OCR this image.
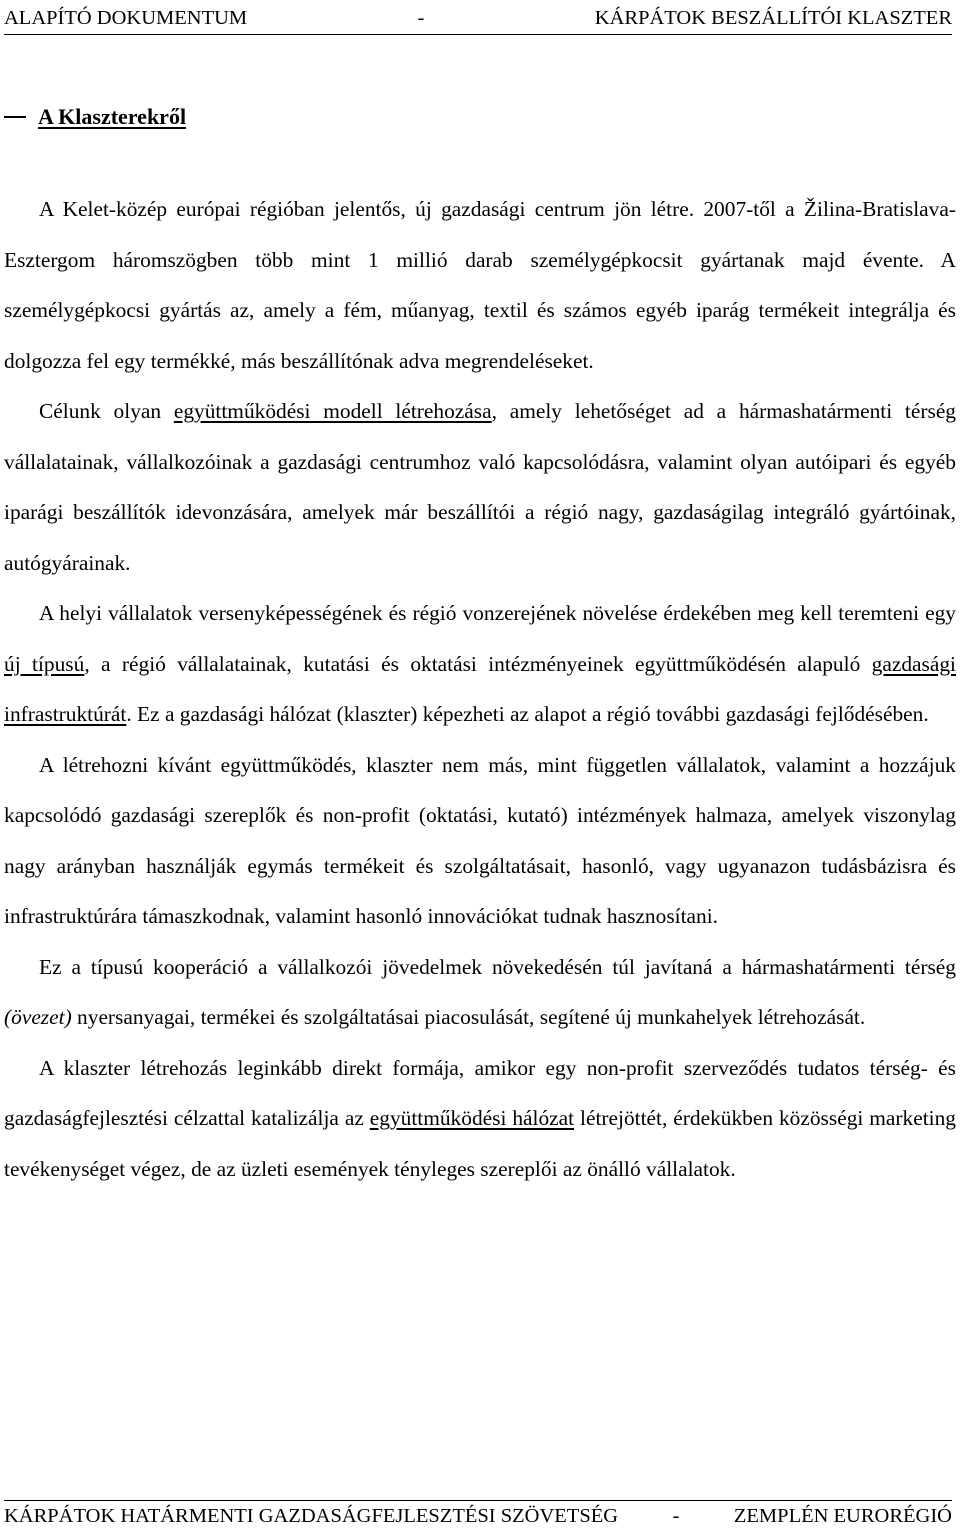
ALAPÍTÓ DOKUMENTUM	-	KÁRPÁTOK BESZÁLLÍTÓI KLASZTER
A Klaszterekről

A Kelet-közép európai régióban jelentős, új gazdasági centrum jön létre. 2007-től a Žilina-Bratislava-Esztergom háromszögben több mint 1 millió darab személygépkocsit gyártanak majd évente. A személygépkocsi gyártás az, amely a fém, műanyag, textil és számos egyéb iparág termékeit integrálja és dolgozza fel egy termékké, más beszállítónak adva megrendeléseket.

Célunk olyan együttműködési modell létrehozása, amely lehetőséget ad a hármashatármenti térség vállalatainak, vállalkozóinak a gazdasági centrumhoz való kapcsolódásra, valamint olyan autóipari és egyéb iparági beszállítók idevonzására, amelyek már beszállítói a régió nagy, gazdaságilag integráló gyártóinak, autógyárainak.

A helyi vállalatok versenyképességének és régió vonzerejének növelése érdekében meg kell teremteni egy új típusú, a régió vállalatainak, kutatási és oktatási intézményeinek együttműködésén alapuló gazdasági infrastruktúrát. Ez a gazdasági hálózat (klaszter) képezheti az alapot a régió további gazdasági fejlődésében.

A létrehozni kívánt együttműködés, klaszter nem más, mint független vállalatok, valamint a hozzájuk kapcsolódó gazdasági szereplők és non-profit (oktatási, kutató) intézmények halmaza, amelyek viszonylag nagy arányban használják egymás termékeit és szolgáltatásait, hasonló, vagy ugyanazon tudásbázisra és infrastruktúrára támaszkodnak, valamint hasonló innovációkat tudnak hasznosítani.

Ez a típusú kooperáció a vállalkozói jövedelmek növekedésén túl javítaná a hármashatármenti térség (övezet) nyersanyagai, termékei és szolgáltatásai piacosulását, segítené új munkahelyek létrehozását.

A klaszter létrehozás leginkább direkt formája, amikor egy non-profit szerveződés tudatos térség- és gazdaságfejlesztési célzattal katalizálja az együttműködési hálózat létrejöttét, érdekükben közösségi marketing tevékenységet végez, de az üzleti események tényleges szereplői az önálló vállalatok.

KÁRPÁTOK HATÁRMENTI GAZDASÁGFEJLESZTÉSI SZÖVETSÉG	-	ZEMPLÉN EURORÉGIÓ
